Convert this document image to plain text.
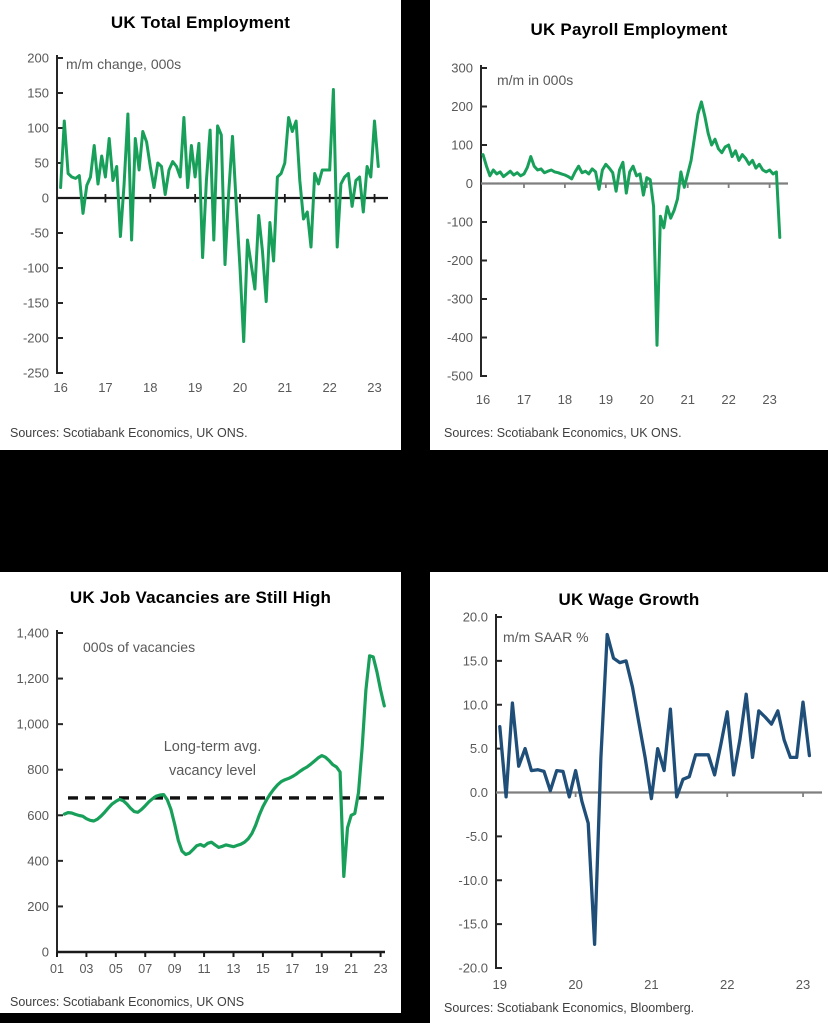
UK Total Employment
m/m change, 000s
200
150
100
50
0
-50
-100
-150
-200
-250
16 17 18 19 20 21 22 23
Sources: Scotiabank Economics, UK ONS.
UK Payroll Employment
m/m in 000s
300
200
100
0
-100
-200
-300
-400
-500
16 17 18 19 20 21 22 23
Sources: Scotiabank Economics, UK ONS.
UK Job Vacancies are Still High
000s of vacancies
Long-term avg.
vacancy level
1,400
1,200
1,000
800
600
400
200
0
01 03 05 07 09 11 13 15 17 19 21 23
Sources: Scotiabank Economics, UK ONS
UK Wage Growth
m/m SAAR %
20.0
15.0
10.0
5.0
0.0
-5.0
-10.0
-15.0
-20.0
19	20	21	22	23
Sources: Scotiabank Economics, Bloomberg.
